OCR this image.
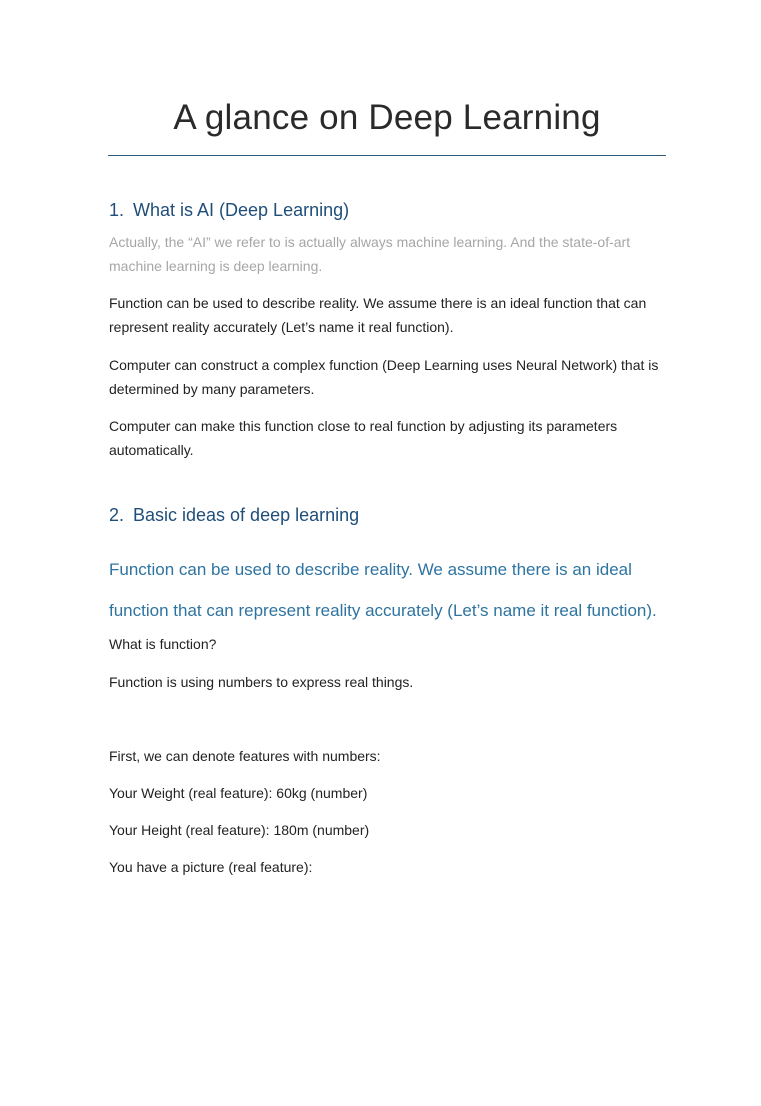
A glance on Deep Learning
1. What is AI (Deep Learning)

Actually, the “AI” we refer to is actually always machine learning. And the state-of-art machine learning is deep learning.

Function can be used to describe reality. We assume there is an ideal function that can represent reality accurately (Let’s name it real function).

Computer can construct a complex function (Deep Learning uses Neural Network) that is determined by many parameters.

Computer can make this function close to real function by adjusting its parameters automatically.

2. Basic ideas of deep learning

Function can be used to describe reality. We assume there is an ideal function that can represent reality accurately (Let’s name it real function).

What is function?

Function is using numbers to express real things.

First, we can denote features with numbers:

Your Weight (real feature): 60kg (number)

Your Height (real feature): 180m (number)

You have a picture (real feature):
